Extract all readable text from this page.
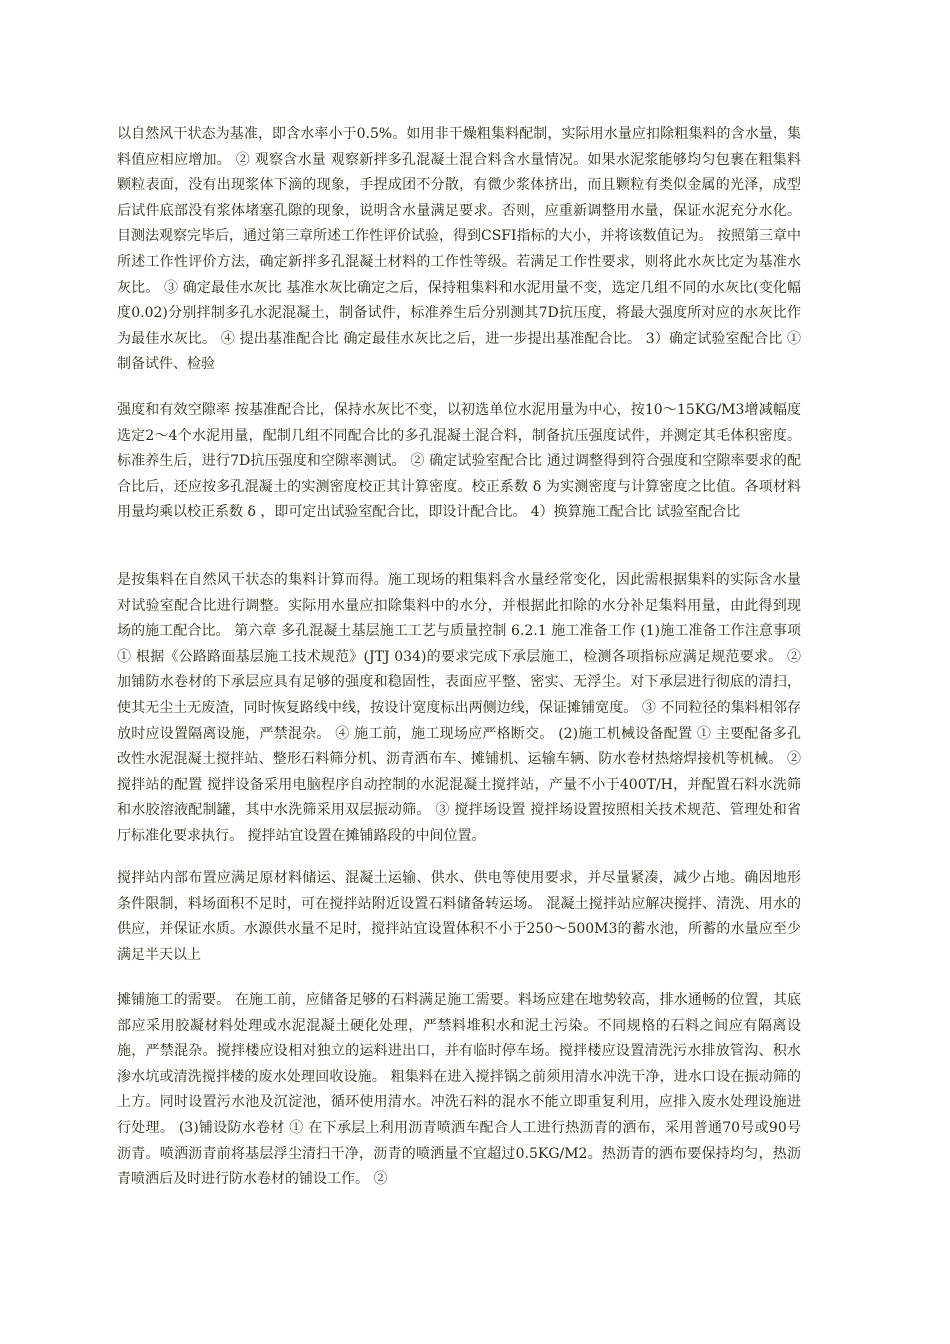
以自然风干状态为基准，即含水率小于0.5%。如用非干燥粗集料配制，实际用水量应扣除粗集料的含水量，集料值应相应增加。 ② 观察含水量 观察新拌多孔混凝土混合料含水量情况。如果水泥浆能够均匀包裹在粗集料颗粒表面，没有出现浆体下滴的现象，手捏成团不分散，有微少浆体挤出，而且颗粒有类似金属的光泽，成型后试件底部没有浆体堵塞孔隙的现象，说明含水量满足要求。否则，应重新调整用水量，保证水泥充分水化。 目测法观察完毕后，通过第三章所述工作性评价试验，得到CSFI指标的大小，并将该数值记为。 按照第三章中所述工作性评价方法，确定新拌多孔混凝土材料的工作性等级。若满足工作性要求，则将此水灰比定为基准水灰比。 ③ 确定最佳水灰比 基准水灰比确定之后，保持粗集料和水泥用量不变，选定几组不同的水灰比(变化幅度0.02)分别拌制多孔水泥混凝土，制备试件，标准养生后分别测其7D抗压度，将最大强度所对应的水灰比作为最佳水灰比。 ④ 提出基准配合比 确定最佳水灰比之后，进一步提出基准配合比。 3）确定试验室配合比 ① 制备试件、检验

强度和有效空隙率 按基准配合比，保持水灰比不变，以初选单位水泥用量为中心，按10～15KG/M3增减幅度选定2～4个水泥用量，配制几组不同配合比的多孔混凝土混合料，制备抗压强度试件，并测定其毛体积密度。标准养生后，进行7D抗压强度和空隙率测试。 ② 确定试验室配合比 通过调整得到符合强度和空隙率要求的配合比后，还应按多孔混凝土的实测密度校正其计算密度。校正系数 δ 为实测密度与计算密度之比值。各项材料用量均乘以校正系数 δ ，即可定出试验室配合比，即设计配合比。 4）换算施工配合比 试验室配合比

是按集料在自然风干状态的集料计算而得。施工现场的粗集料含水量经常变化，因此需根据集料的实际含水量对试验室配合比进行调整。实际用水量应扣除集料中的水分，并根据此扣除的水分补足集料用量，由此得到现场的施工配合比。 第六章 多孔混凝土基层施工工艺与质量控制 6.2.1 施工准备工作 (1)施工准备工作注意事项 ① 根据《公路路面基层施工技术规范》(JTJ 034)的要求完成下承层施工，检测各项指标应满足规范要求。 ② 加铺防水卷材的下承层应具有足够的强度和稳固性，表面应平整、密实、无浮尘。对下承层进行彻底的清扫，使其无尘土无废渣，同时恢复路线中线，按设计宽度标出两侧边线，保证摊铺宽度。 ③ 不同粒径的集料相邻存放时应设置隔离设施，严禁混杂。 ④ 施工前，施工现场应严格断交。 (2)施工机械设备配置 ① 主要配备多孔改性水泥混凝土搅拌站、整形石料筛分机、沥青洒布车、摊铺机、运输车辆、防水卷材热熔焊接机等机械。 ② 搅拌站的配置 搅拌设备采用电脑程序自动控制的水泥混凝土搅拌站，产量不小于400T/H，并配置石料水洗筛和水胶溶液配制罐，其中水洗筛采用双层振动筛。 ③ 搅拌场设置 搅拌场设置按照相关技术规范、管理处和省厅标准化要求执行。 搅拌站宜设置在摊铺路段的中间位置。

搅拌站内部布置应满足原材料储运、混凝土运输、供水、供电等使用要求，并尽量紧凑，减少占地。确因地形条件限制，料场面积不足时，可在搅拌站附近设置石料储备转运场。 混凝土搅拌站应解决搅拌、清洗、用水的供应，并保证水质。水源供水量不足时，搅拌站宜设置体积不小于250～500M3的蓄水池，所蓄的水量应至少满足半天以上

摊铺施工的需要。 在施工前，应储备足够的石料满足施工需要。料场应建在地势较高，排水通畅的位置，其底部应采用胶凝材料处理或水泥混凝土硬化处理，严禁料堆积水和泥土污染。不同规格的石料之间应有隔离设施，严禁混杂。搅拌楼应设相对独立的运料进出口，并有临时停车场。搅拌楼应设置清洗污水排放管沟、积水渗水坑或清洗搅拌楼的废水处理回收设施。 粗集料在进入搅拌锅之前须用清水冲洗干净，进水口设在振动筛的上方。同时设置污水池及沉淀池，循环使用清水。冲洗石料的混水不能立即重复利用，应排入废水处理设施进行处理。 (3)铺设防水卷材 ① 在下承层上利用沥青喷洒车配合人工进行热沥青的洒布，采用普通70号或90号沥青。喷洒沥青前将基层浮尘清扫干净，沥青的喷洒量不宜超过0.5KG/M2。热沥青的洒布要保持均匀，热沥青喷洒后及时进行防水卷材的铺设工作。 ②
